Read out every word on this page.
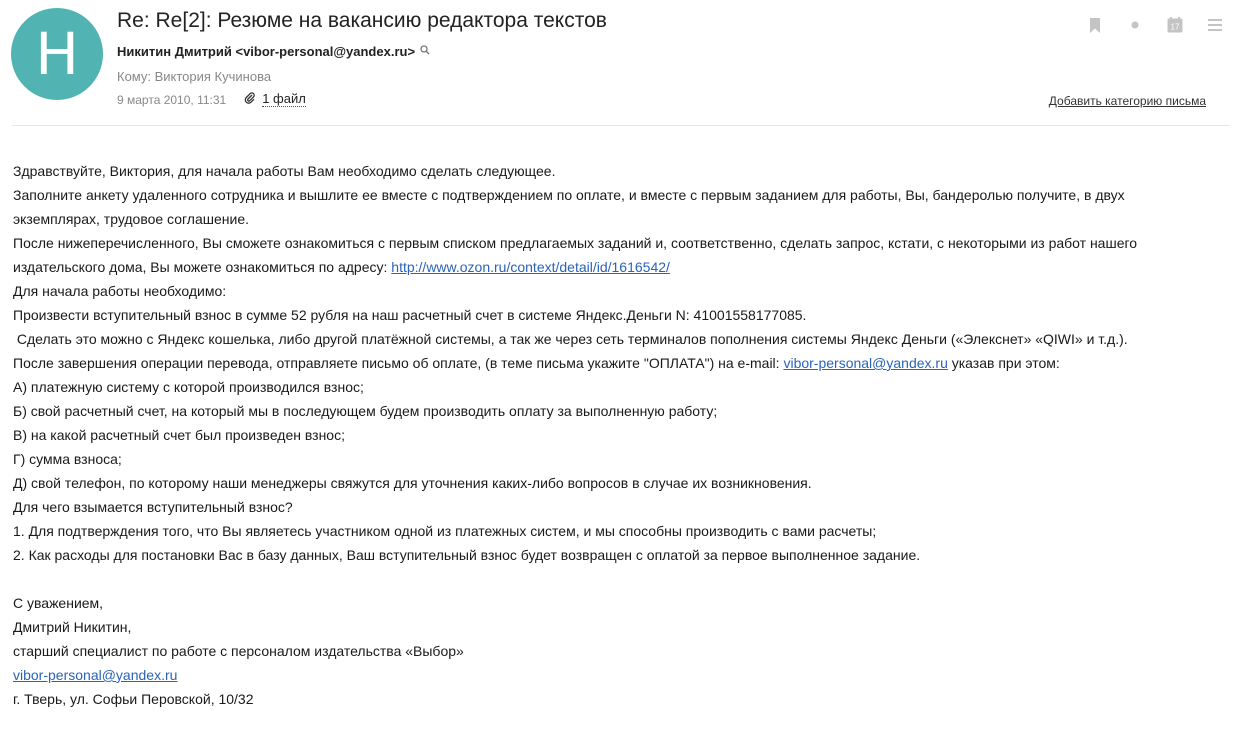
Н	Re: Re[2]: Резюме на вакансию редактора текстов
Никитин Дмитрий <vibor-personal@yandex.ru>
Кому: Виктория Кучинова
9 марта 2010, 11:31	1 файл	Добавить категорию письма
17

Здравствуйте, Виктория, для начала работы Вам необходимо сделать следующее.

Заполните анкету удаленного сотрудника и вышлите ее вместе с подтверждением по оплате, и вместе с первым заданием для работы, Вы, бандеролью получите, в двух

экземплярах, трудовое соглашение.

После нижеперечисленного, Вы сможете ознакомиться с первым списком предлагаемых заданий и, соответственно, сделать запрос, кстати, с некоторыми из работ нашего

издательского дома, Вы можете ознакомиться по адресу: http://www.ozon.ru/context/detail/id/1616542/

Для начала работы необходимо:

Произвести вступительный взнос в сумме 52 рубля на наш расчетный счет в системе Яндекс.Деньги N: 41001558177085.

Сделать это можно с Яндекс кошелька, либо другой платёжной системы, а так же через сеть терминалов пополнения системы Яндекс Деньги («Элекснет» «QIWI» и т.д.).

После завершения операции перевода, отправляете письмо об оплате, (в теме письма укажите "ОПЛАТА") на e-mail: vibor-personal@yandex.ru указав при этом:

А) платежную систему с которой производился взнос;

Б) свой расчетный счет, на который мы в последующем будем производить оплату за выполненную работу;

В) на какой расчетный счет был произведен взнос;

Г) сумма взноса;

Д) свой телефон, по которому наши менеджеры свяжутся для уточнения каких-либо вопросов в случае их возникновения.

Для чего взымается вступительный взнос?

1. Для подтверждения того, что Вы являетесь участником одной из платежных систем, и мы способны производить с вами расчеты;

2. Как расходы для постановки Вас в базу данных, Ваш вступительный взнос будет возвращен с оплатой за первое выполненное задание.

С уважением,

Дмитрий Никитин,

старший специалист по работе с персоналом издательства «Выбор»

vibor-personal@yandex.ru

г. Тверь, ул. Софьи Перовской, 10/32
